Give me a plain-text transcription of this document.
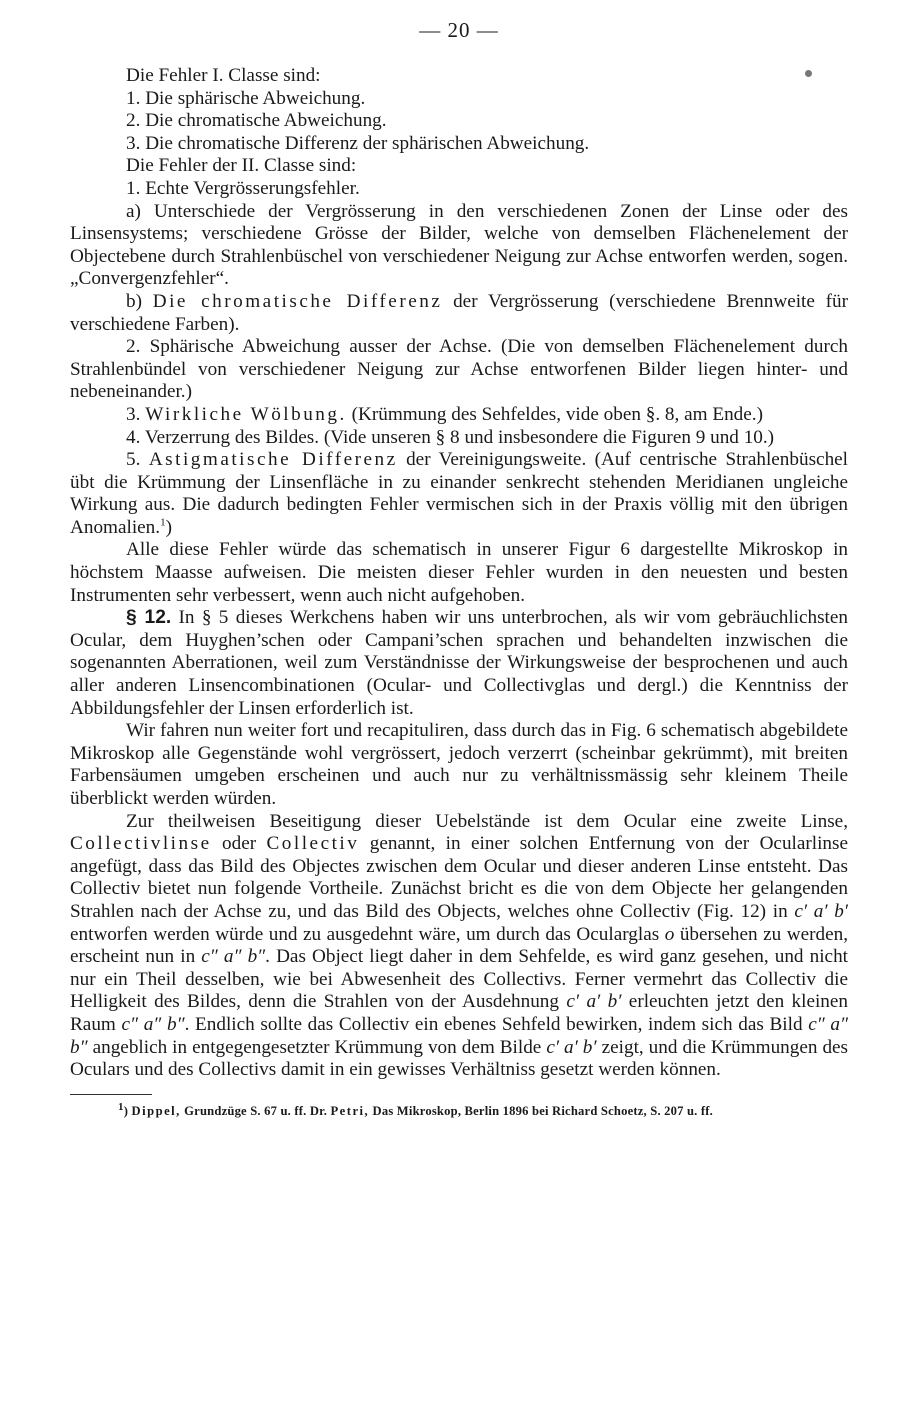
— 20 —

Die Fehler I. Classe sind:

1. Die sphärische Abweichung.

2. Die chromatische Abweichung.

3. Die chromatische Differenz der sphärischen Abweichung.

Die Fehler der II. Classe sind:

1. Echte Vergrösserungsfehler.

a) Unterschiede der Vergrösserung in den verschiedenen Zonen der Linse oder des Linsensystems; verschiedene Grösse der Bilder, welche von demselben Flächenelement der Objectebene durch Strahlenbüschel von verschiedener Neigung zur Achse entworfen werden, sogen. „Convergenzfehler“.

b) Die chromatische Differenz der Vergrösserung (verschiedene Brennweite für verschiedene Farben).

2. Sphärische Abweichung ausser der Achse. (Die von demselben Flächenelement durch Strahlenbündel von verschiedener Neigung zur Achse entworfenen Bilder liegen hinter- und nebeneinander.)

3. Wirkliche Wölbung. (Krümmung des Sehfeldes, vide oben §. 8, am Ende.)

4. Verzerrung des Bildes. (Vide unseren § 8 und insbesondere die Figuren 9 und 10.)

5. Astigmatische Differenz der Vereinigungsweite. (Auf centrische Strahlenbüschel übt die Krümmung der Linsenfläche in zu einander senkrecht stehenden Meridianen ungleiche Wirkung aus. Die dadurch bedingten Fehler vermischen sich in der Praxis völlig mit den übrigen Anomalien.$^1$)

Alle diese Fehler würde das schematisch in unserer Figur 6 dargestellte Mikroskop in höchstem Maasse aufweisen. Die meisten dieser Fehler wurden in den neuesten und besten Instrumenten sehr verbessert, wenn auch nicht aufgehoben.

§ 12. In § 5 dieses Werkchens haben wir uns unterbrochen, als wir vom gebräuchlichsten Ocular, dem Huyghen’schen oder Campani’schen sprachen und behandelten inzwischen die sogenannten Aberrationen, weil zum Verständnisse der Wirkungsweise der besprochenen und auch aller anderen Linsencombinationen (Ocular- und Collectivglas und dergl.) die Kenntniss der Abbildungsfehler der Linsen erforderlich ist.

Wir fahren nun weiter fort und recapituliren, dass durch das in Fig. 6 schematisch abgebildete Mikroskop alle Gegenstände wohl vergrössert, jedoch verzerrt (scheinbar gekrümmt), mit breiten Farbensäumen umgeben erscheinen und auch nur zu verhältnissmässig sehr kleinem Theile überblickt werden würden.

Zur theilweisen Beseitigung dieser Uebelstände ist dem Ocular eine zweite Linse, Collectivlinse oder Collectiv genannt, in einer solchen Entfernung von der Ocularlinse angefügt, dass das Bild des Objectes zwischen dem Ocular und dieser anderen Linse entsteht. Das Collectiv bietet nun folgende Vortheile. Zunächst bricht es die von dem Objecte her gelangenden Strahlen nach der Achse zu, und das Bild des Objects, welches ohne Collectiv (Fig. 12) in c′ a′ b′ entworfen werden würde und zu ausgedehnt wäre, um durch das Ocularglas o übersehen zu werden, erscheint nun in c″ a″ b″. Das Object liegt daher in dem Sehfelde, es wird ganz gesehen, und nicht nur ein Theil desselben, wie bei Abwesenheit des Collectivs. Ferner vermehrt das Collectiv die Helligkeit des Bildes, denn die Strahlen von der Ausdehnung c′ a′ b′ erleuchten jetzt den kleinen Raum c″ a″ b″. Endlich sollte das Collectiv ein ebenes Sehfeld bewirken, indem sich das Bild c″ a″ b″ angeblich in entgegengesetzter Krümmung von dem Bilde c′ a′ b′ zeigt, und die Krümmungen des Oculars und des Collectivs damit in ein gewisses Verhältniss gesetzt werden können.

$^1$) Dippel, Grundzüge S. 67 u. ff. Dr. Petri, Das Mikroskop, Berlin 1896 bei Richard Schoetz, S. 207 u. ff.
